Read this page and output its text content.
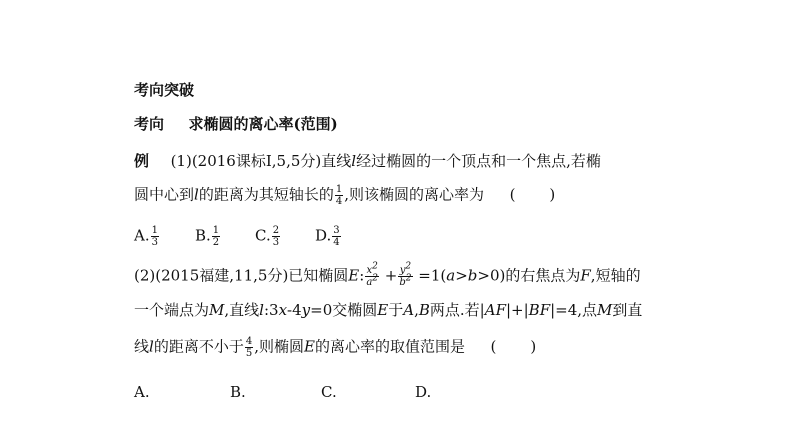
考向突破
考向 求椭圆的离心率(范围)
例 (1)(2016课标Ⅰ,5,5分)直线l经过椭圆的一个顶点和一个焦点,若椭
圆中心到l的距离为其短轴长的 $\frac{1}{4}$ ,则该椭圆的离心率为 ( )
A. $\frac{1}{3} B$. $\frac{1}{2} C$. $\frac{2}{3} D$. $\frac{3}{4}$
(2)(2015福建,11,5分)已知椭圆E: $\frac{x^2}{a^2} + \frac{y^2}{b^2} =1(a>b>0)$的右焦点为F,短轴的
一个端点为M,直线l:3x-4y=0交椭圆E于A,B两点.若|AF|+|BF|=4,点M到直
线l的距离不小于 $\frac{4}{5}$ ,则椭圆E的离心率的取值范围是 ( )
A.	B.	C.	D.
